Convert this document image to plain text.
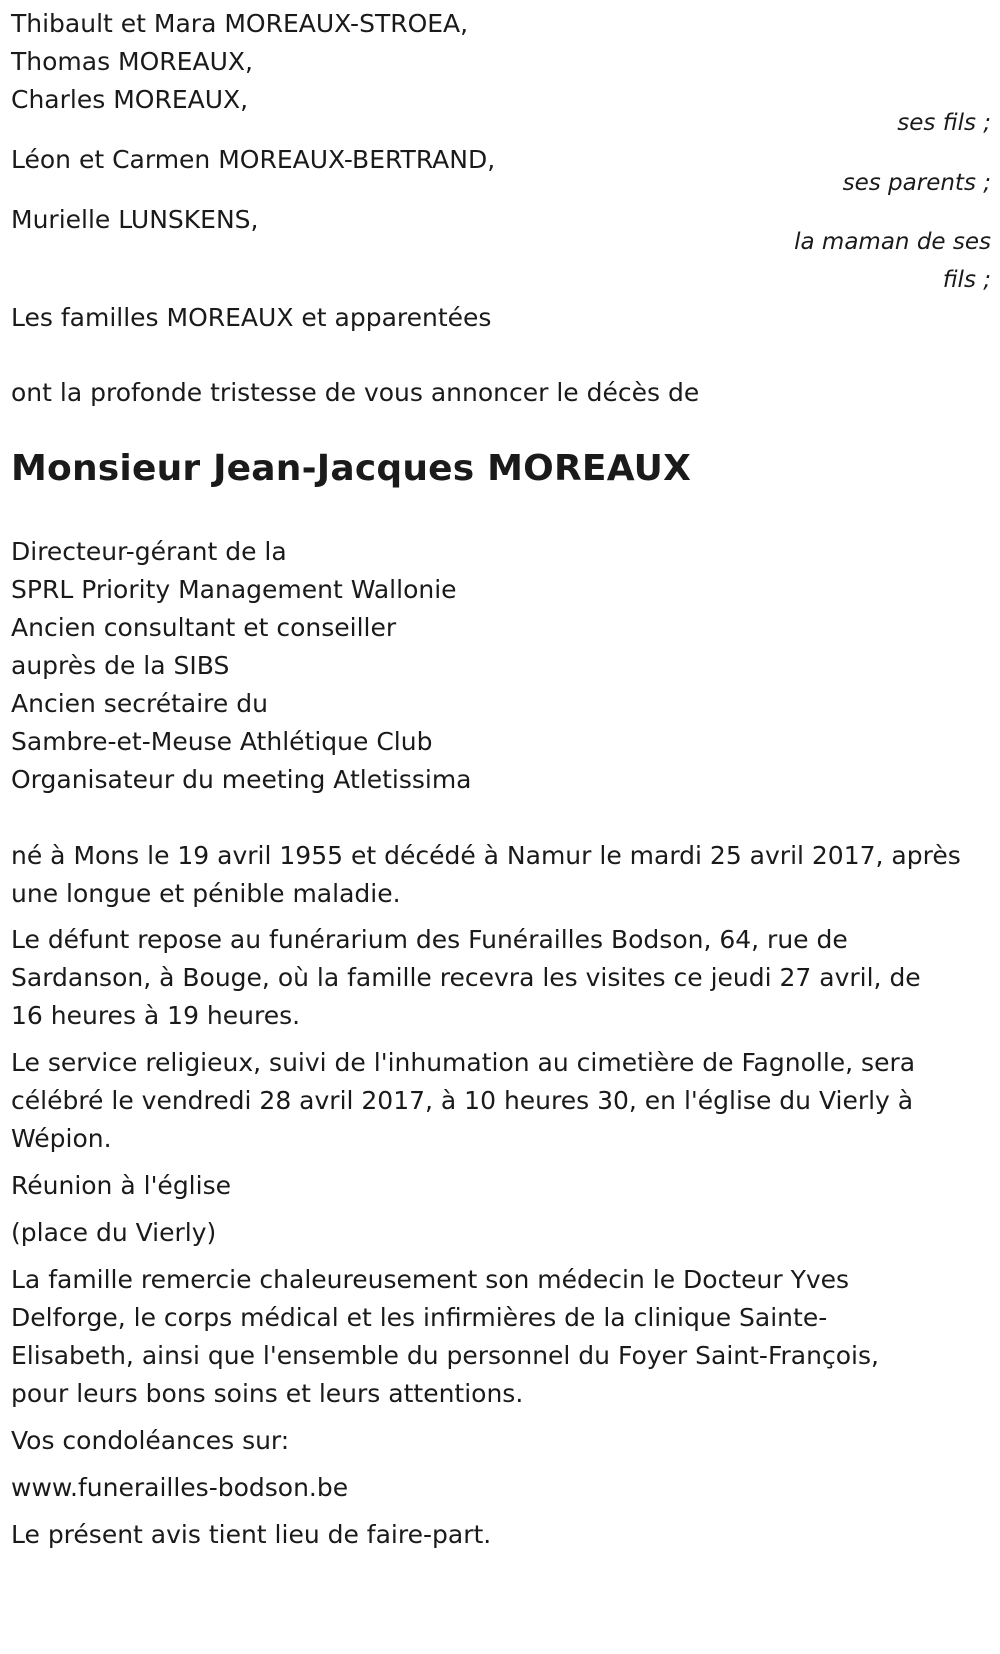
Thibault et Mara MOREAUX-STROEA,
Thomas MOREAUX,
Charles MOREAUX,
ses fils ;
Léon et Carmen MOREAUX-BERTRAND,
ses parents ;
Murielle LUNSKENS,
la maman de ses
fils ;
Les familles MOREAUX et apparentées
ont la profonde tristesse de vous annoncer le décès de
Monsieur Jean-Jacques MOREAUX
Directeur-gérant de la
SPRL Priority Management Wallonie
Ancien consultant et conseiller
auprès de la SIBS
Ancien secrétaire du
Sambre-et-Meuse Athlétique Club
Organisateur du meeting Atletissima
né à Mons le 19 avril 1955 et décédé à Namur le mardi 25 avril 2017, après
une longue et pénible maladie.
Le défunt repose au funérarium des Funérailles Bodson, 64, rue de
Sardanson, à Bouge, où la famille recevra les visites ce jeudi 27 avril, de
16 heures à 19 heures.
Le service religieux, suivi de l'inhumation au cimetière de Fagnolle, sera
célébré le vendredi 28 avril 2017, à 10 heures 30, en l'église du Vierly à
Wépion.
Réunion à l'église
(place du Vierly)
La famille remercie chaleureusement son médecin le Docteur Yves
Delforge, le corps médical et les infirmières de la clinique Sainte-
Elisabeth, ainsi que l'ensemble du personnel du Foyer Saint-François,
pour leurs bons soins et leurs attentions.
Vos condoléances sur:
www.funerailles-bodson.be
Le présent avis tient lieu de faire-part.
